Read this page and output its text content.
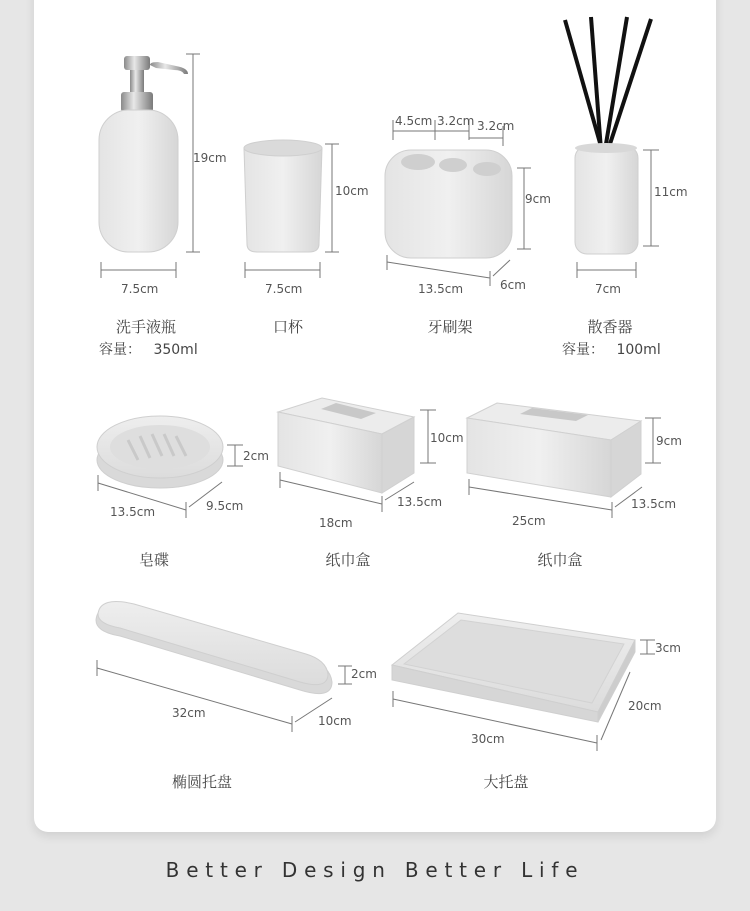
19cm
7.5cm
10cm
7.5cm
4.5cm 3.2cm 3.2cm
9cm
13.5cm	6cm
11cm
7cm
2cm
13.5cm	9.5cm
10cm
18cm
13.5cm
9cm
25cm
13.5cm
2cm
32cm
10cm
3cm
30cm
20cm
洗手液瓶
容量： 350ml
口杯	牙刷架	散香器
容量： 100ml
皂碟	纸巾盒	纸巾盒
椭圆托盘	大托盘
Better Design Better Life
